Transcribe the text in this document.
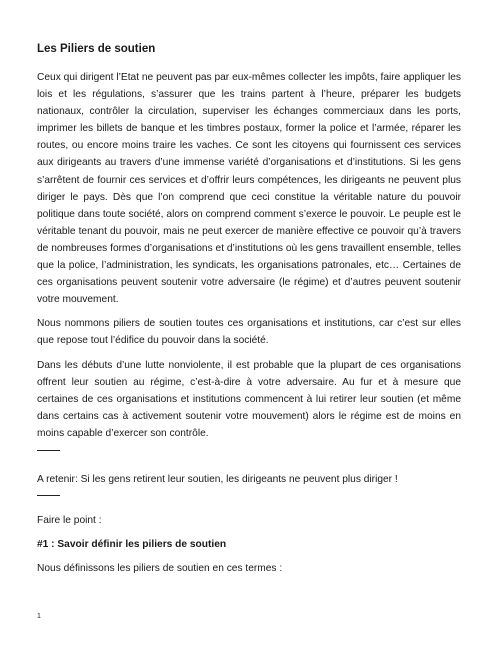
Les Piliers de soutien

Ceux qui dirigent l’Etat ne peuvent pas par eux-mêmes collecter les impôts, faire appliquer les lois et les régulations, s’assurer que les trains partent à l’heure, préparer les budgets nationaux, contrôler la circulation, superviser les échanges commerciaux dans les ports, imprimer les billets de banque et les timbres postaux, former la police et l’armée, réparer les routes, ou encore moins traire les vaches. Ce sont les citoyens qui fournissent ces services aux dirigeants au travers d’une immense variété d’organisations et d’institutions. Si les gens s’arrêtent de fournir ces services et d’offrir leurs compétences, les dirigeants ne peuvent plus diriger le pays. Dès que l’on comprend que ceci constitue la véritable nature du pouvoir politique dans toute société, alors on comprend comment s’exerce le pouvoir. Le peuple est le véritable tenant du pouvoir, mais ne peut exercer de manière effective ce pouvoir qu’à travers de nombreuses formes d’organisations et d’institutions où les gens travaillent ensemble, telles que la police, l’administration, les syndicats, les organisations patronales, etc… Certaines de ces organisations peuvent soutenir votre adversaire (le régime) et d’autres peuvent soutenir votre mouvement.

Nous nommons piliers de soutien toutes ces organisations et institutions, car c’est sur elles que repose tout l’édifice du pouvoir dans la société.

Dans les débuts d’une lutte nonviolente, il est probable que la plupart de ces organisations offrent leur soutien au régime, c’est-à-dire à votre adversaire. Au fur et à mesure que certaines de ces organisations et institutions commencent à lui retirer leur soutien (et même dans certains cas à activement soutenir votre mouvement) alors le régime est de moins en moins capable d’exercer son contrôle.

A retenir: Si les gens retirent leur soutien, les dirigeants ne peuvent plus diriger !
Faire le point :
#1 : Savoir définir les piliers de soutien
Nous définissons les piliers de soutien en ces termes :
1
